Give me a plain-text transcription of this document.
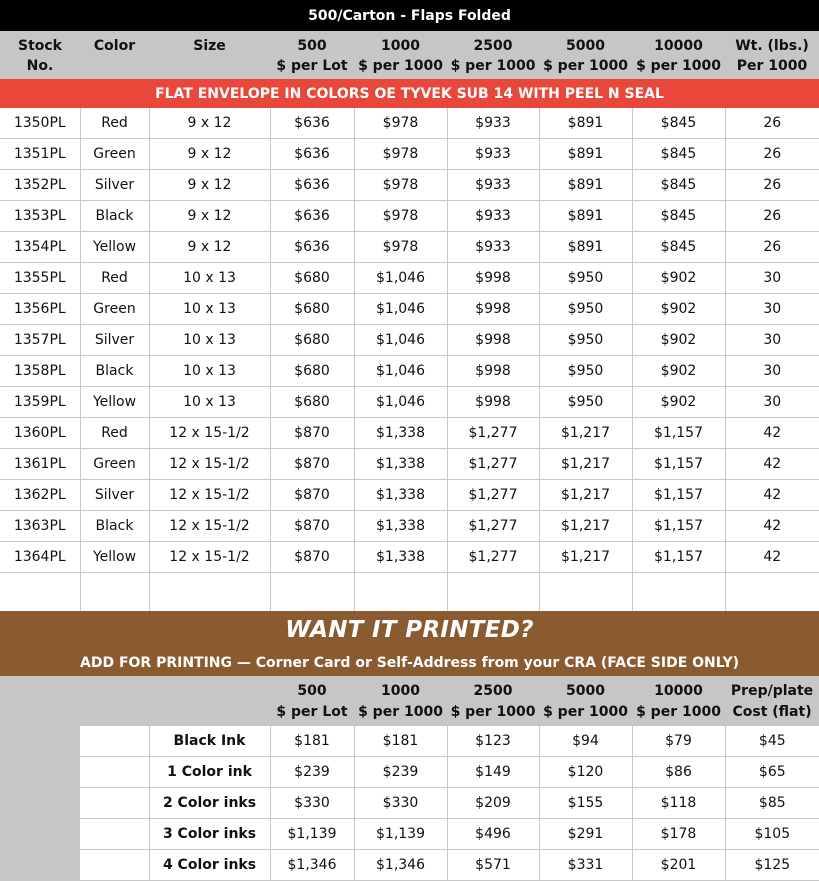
500/Carton - Flaps Folded								
Stock	Color	Size	500	1000	2500	5000	10000	Wt. (lbs.)
No.			$ per Lot	$ per 1000	$ per 1000	$ per 1000	$ per 1000	Per 1000
FLAT ENVELOPE IN COLORS OE TYVEK SUB 14 WITH PEEL N SEAL								
1350PL	Red	9 x 12	$636	$978	$933	$891	$845	26
1351PL	Green	9 x 12	$636	$978	$933	$891	$845	26
1352PL	Silver	9 x 12	$636	$978	$933	$891	$845	26
1353PL	Black	9 x 12	$636	$978	$933	$891	$845	26
1354PL	Yellow	9 x 12	$636	$978	$933	$891	$845	26
1355PL	Red	10 x 13	$680	$1,046	$998	$950	$902	30
1356PL	Green	10 x 13	$680	$1,046	$998	$950	$902	30
1357PL	Silver	10 x 13	$680	$1,046	$998	$950	$902	30
1358PL	Black	10 x 13	$680	$1,046	$998	$950	$902	30
1359PL	Yellow	10 x 13	$680	$1,046	$998	$950	$902	30
1360PL	Red	12 x 15-1/2	$870	$1,338	$1,277	$1,217	$1,157	42
1361PL	Green	12 x 15-1/2	$870	$1,338	$1,277	$1,217	$1,157	42
1362PL	Silver	12 x 15-1/2	$870	$1,338	$1,277	$1,217	$1,157	42
1363PL	Black	12 x 15-1/2	$870	$1,338	$1,277	$1,217	$1,157	42
1364PL	Yellow	12 x 15-1/2	$870	$1,338	$1,277	$1,217	$1,157	42

WANT IT PRINTED?								
ADD FOR PRINTING — Corner Card or Self-Address from your CRA (FACE SIDE ONLY)								
			500	1000	2500	5000	10000	Prep/plate
			$ per Lot	$ per 1000	$ per 1000	$ per 1000	$ per 1000	Cost (flat)
		Black Ink	$181	$181	$123	$94	$79	$45
		1 Color ink	$239	$239	$149	$120	$86	$65
		2 Color inks	$330	$330	$209	$155	$118	$85
		3 Color inks	$1,139	$1,139	$496	$291	$178	$105
		4 Color inks	$1,346	$1,346	$571	$331	$201	$125
